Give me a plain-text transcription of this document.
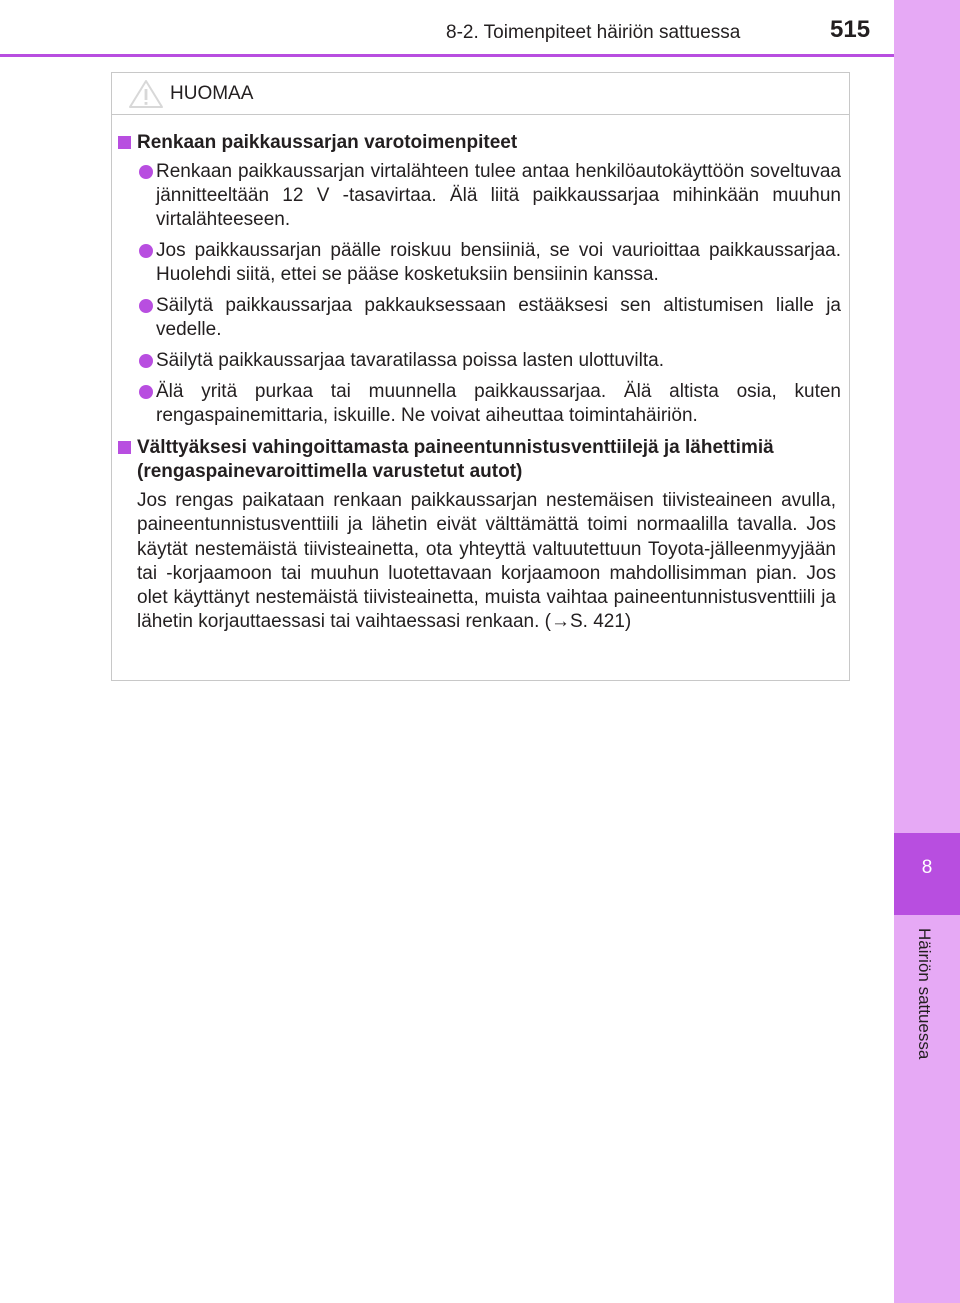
8-2. Toimenpiteet häiriön sattuessa	515
8
Häiriön sattuessa
HUOMAA
Renkaan paikkaussarjan varotoimenpiteet
Renkaan paikkaussarjan virtalähteen tulee antaa henkilöautokäyttöön soveltuvaa jännitteeltään 12 V -tasavirtaa. Älä liitä paikkaussarjaa mihinkään muuhun virtalähteeseen.
Jos paikkaussarjan päälle roiskuu bensiiniä, se voi vaurioittaa paikkaussarjaa. Huolehdi siitä, ettei se pääse kosketuksiin bensiinin kanssa.
Säilytä paikkaussarjaa pakkauksessaan estääksesi sen altistumisen lialle ja vedelle.
Säilytä paikkaussarjaa tavaratilassa poissa lasten ulottuvilta.
Älä yritä purkaa tai muunnella paikkaussarjaa. Älä altista osia, kuten rengaspainemittaria, iskuille. Ne voivat aiheuttaa toimintahäiriön.
Välttyäksesi vahingoittamasta paineentunnistusventtiilejä ja lähettimiä (rengaspainevaroittimella varustetut autot)
Jos rengas paikataan renkaan paikkaussarjan nestemäisen tiivisteaineen avulla, paineentunnistusventtiili ja lähetin eivät välttämättä toimi normaalilla tavalla. Jos käytät nestemäistä tiivisteainetta, ota yhteyttä valtuutettuun Toyota-jälleenmyyjään tai -korjaamoon tai muuhun luotettavaan korjaamoon mahdollisimman pian. Jos olet käyttänyt nestemäistä tiivisteainetta, muista vaihtaa paineentunnistusventtiili ja lähetin korjauttaessasi tai vaihtaessasi renkaan. (→S. 421)
